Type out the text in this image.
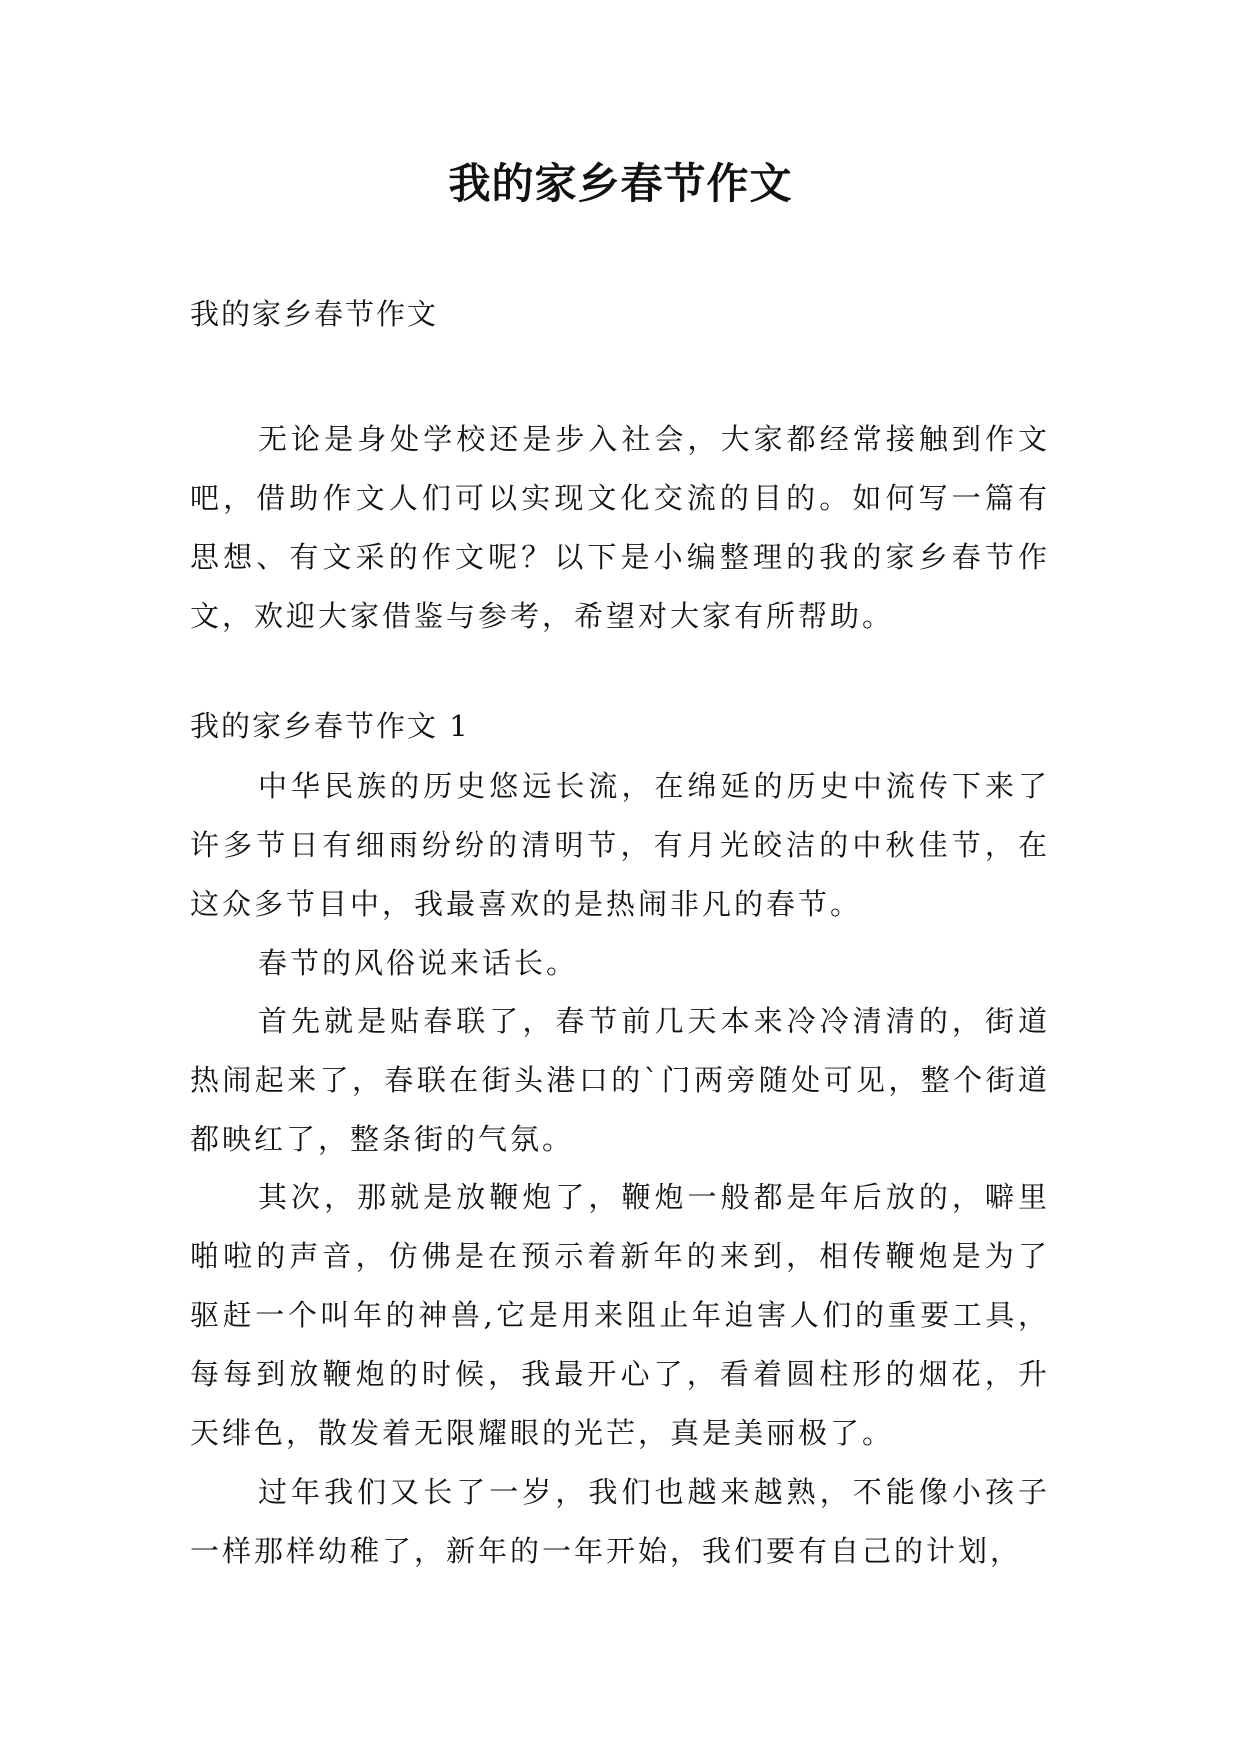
我的家乡春节作文

我的家乡春节作文

无论是身处学校还是步入社会，大家都经常接触到作文吧，借助作文人们可以实现文化交流的目的。如何写一篇有思想、有文采的作文呢？以下是小编整理的我的家乡春节作文，欢迎大家借鉴与参考，希望对大家有所帮助。

我的家乡春节作文 1

中华民族的历史悠远长流，在绵延的历史中流传下来了许多节日有细雨纷纷的清明节，有月光皎洁的中秋佳节，在这众多节目中，我最喜欢的是热闹非凡的春节。

春节的风俗说来话长。

首先就是贴春联了，春节前几天本来冷冷清清的，街道热闹起来了，春联在街头港口的`门两旁随处可见，整个街道都映红了，整条街的气氛。

其次，那就是放鞭炮了，鞭炮一般都是年后放的，噼里啪啦的声音，仿佛是在预示着新年的来到，相传鞭炮是为了驱赶一个叫年的神兽,它是用来阻止年迫害人们的重要工具，每每到放鞭炮的时候，我最开心了，看着圆柱形的烟花，升天绯色，散发着无限耀眼的光芒，真是美丽极了。

过年我们又长了一岁，我们也越来越熟，不能像小孩子一样那样幼稚了，新年的一年开始，我们要有自己的计划，
